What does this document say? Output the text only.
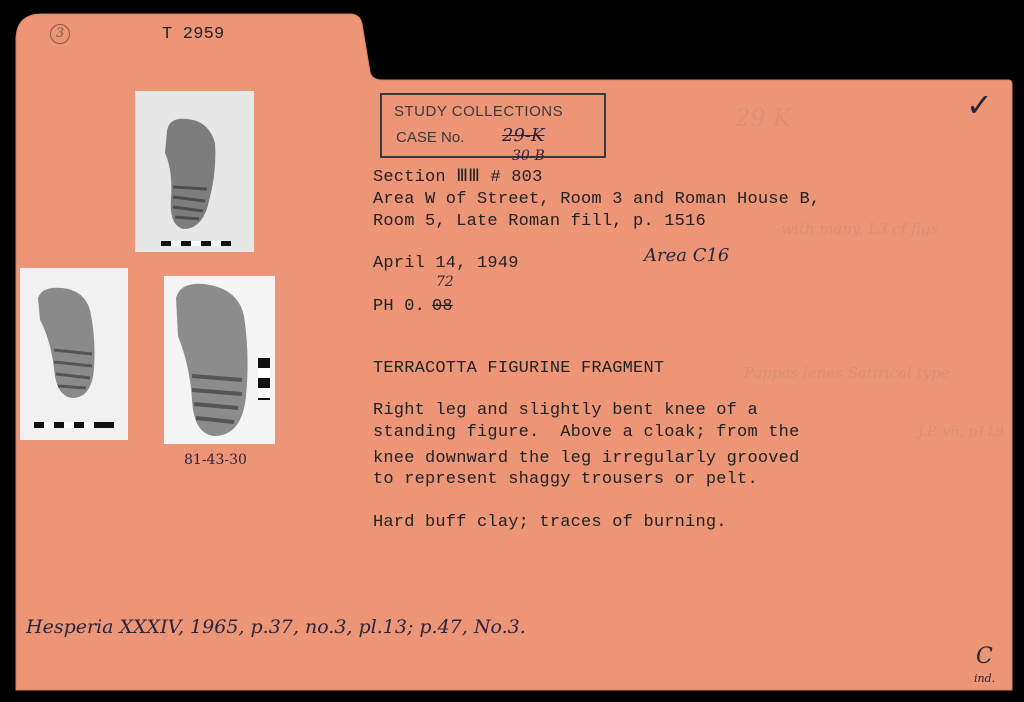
3	T 2959
29 K	✓
81-43-30
STUDY COLLECTIONS
CASE No. 29-K
30-B
Section ⅢⅢ # 803
Area W of Street, Room 3 and Roman House B,
Room 5, Late Roman fill, p. 1516	-with many, L3 cf figs
April 14, 1949	Area C16
PH 0. 08
72
TERRACOTTA FIGURINE FRAGMENT	Pappas lenes Satirical type
J.P. vii, p119
Right leg and slightly bent knee of a
standing figure.  Above a cloak; from the
knee downward the leg irregularly grooved
to represent shaggy trousers or pelt.
Hard buff clay; traces of burning.
Hesperia XXXIV, 1965, p.37, no.3, pl.13; p.47, No.3.
C
ind.
